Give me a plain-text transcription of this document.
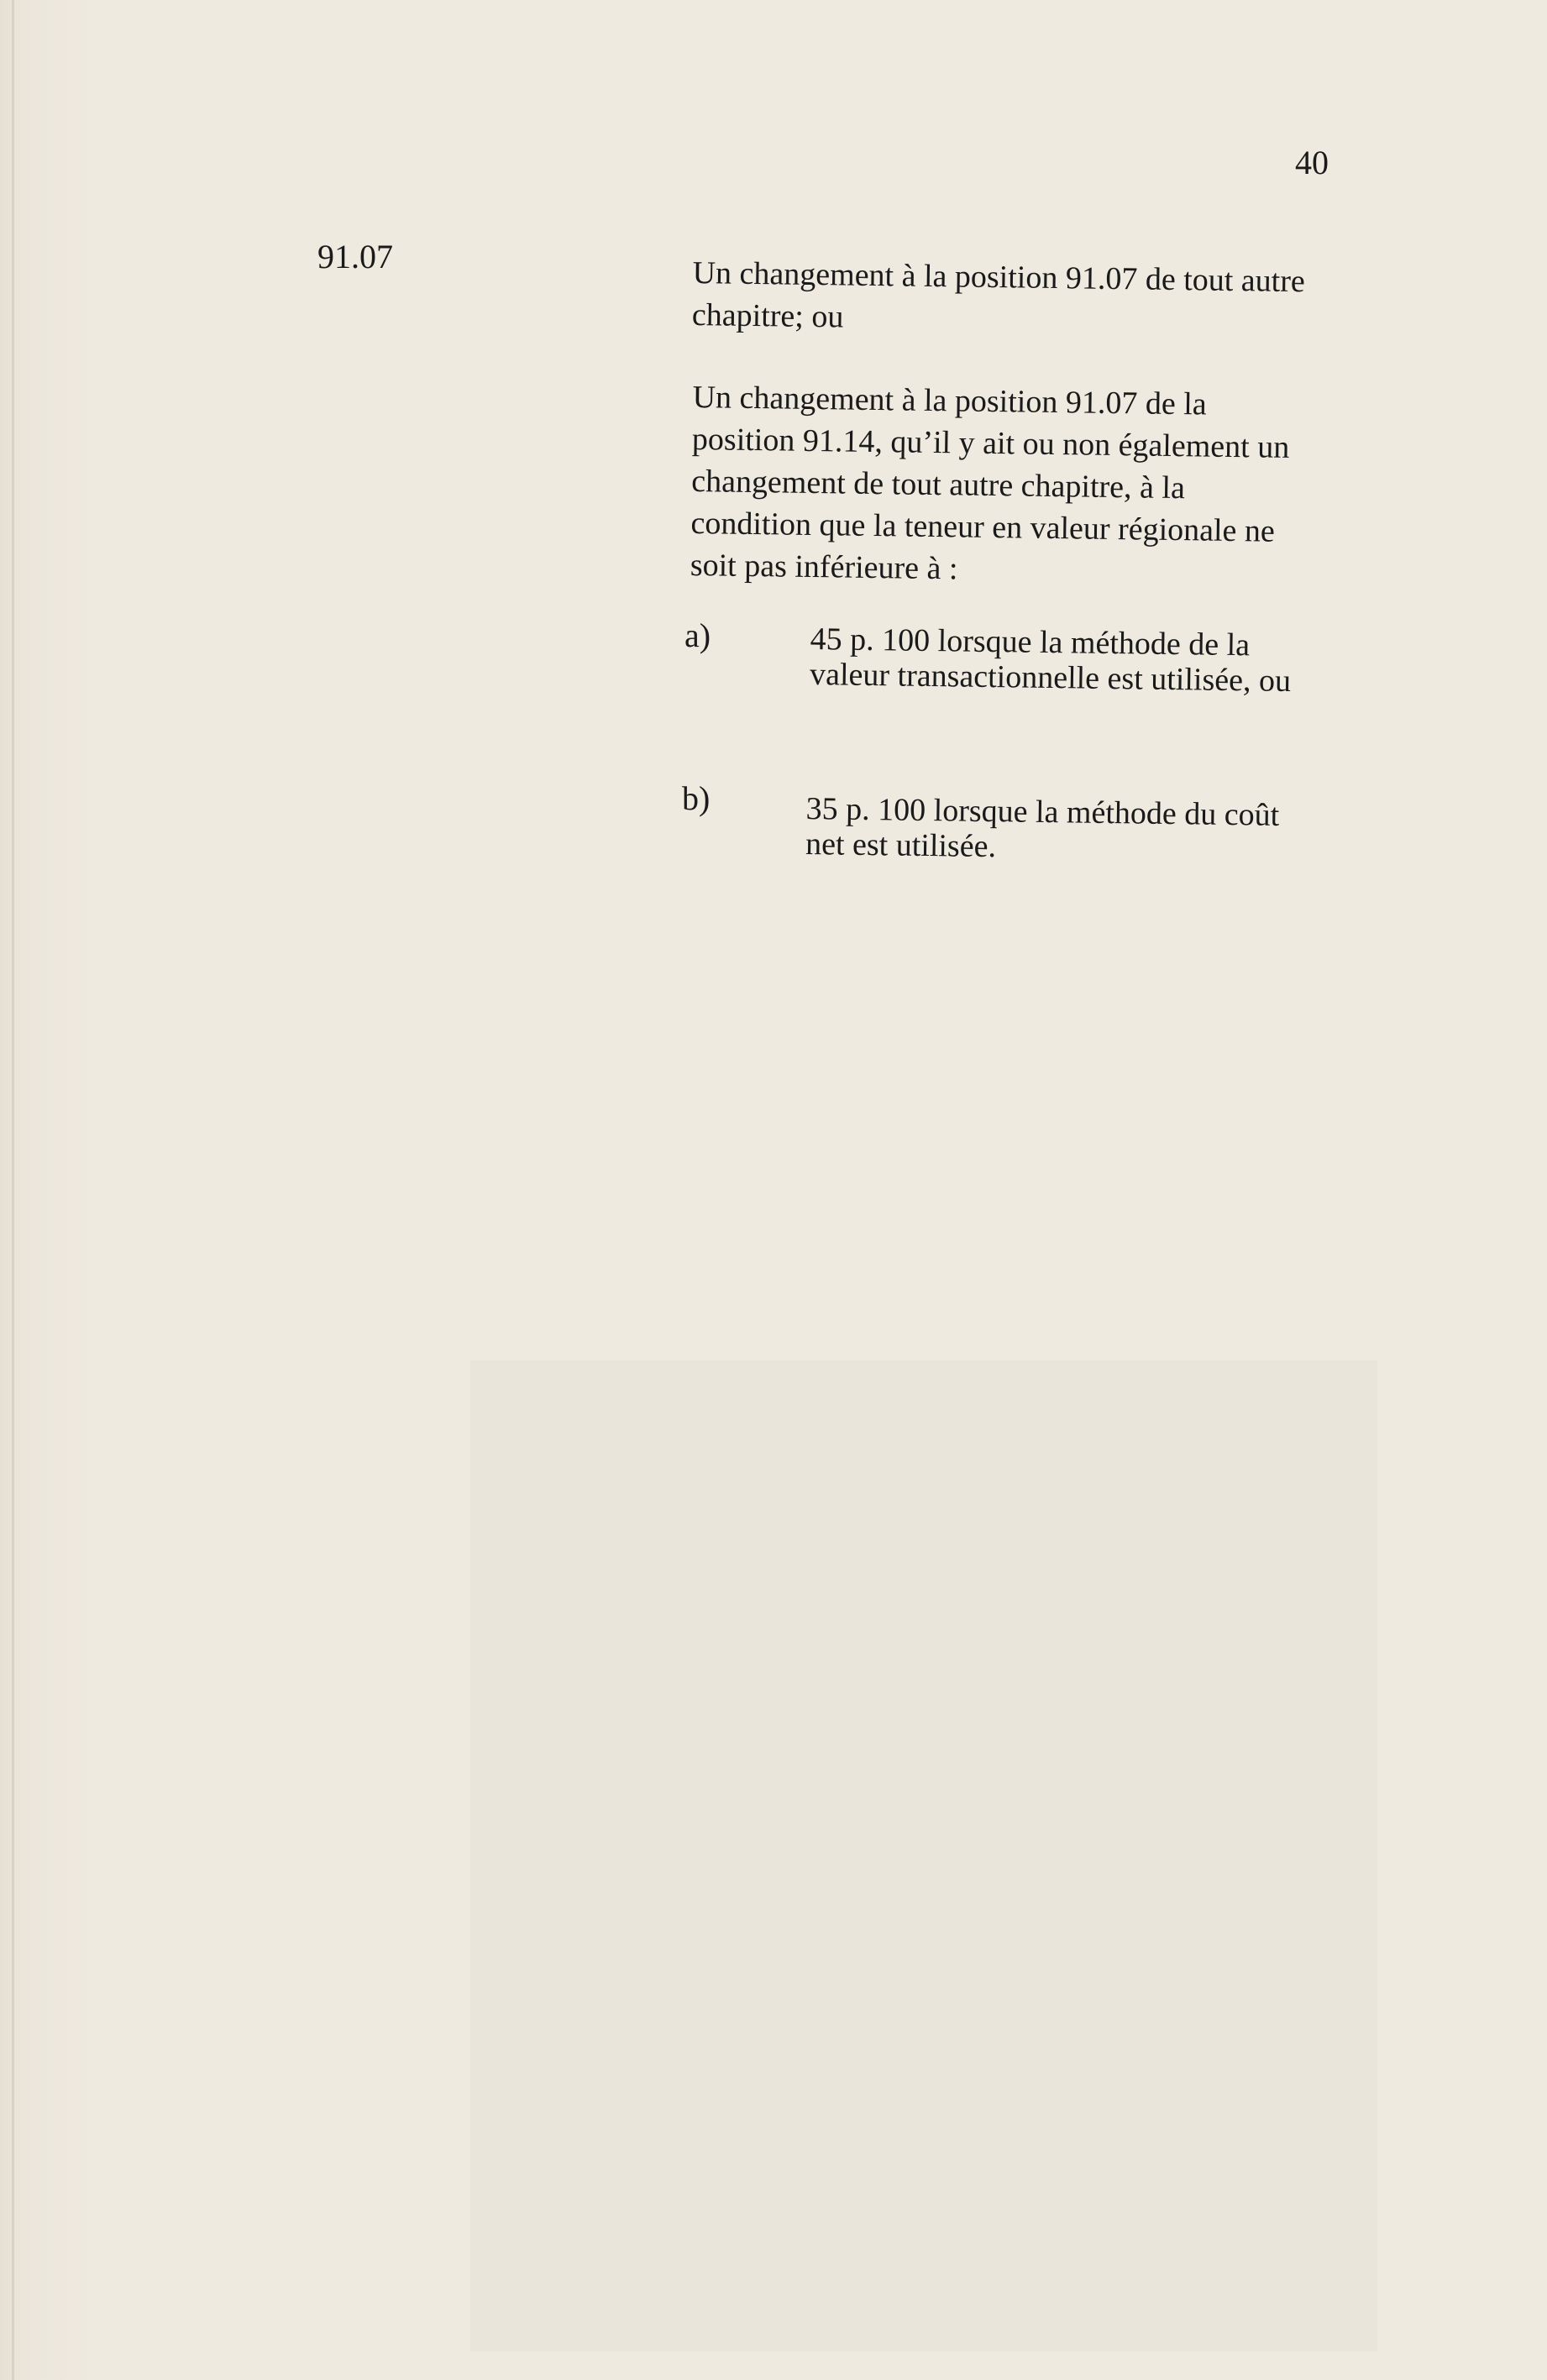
40
91.07	Un changement à la position 91.07 de tout autre chapitre; ou
Un changement à la position 91.07 de la position 91.14, qu’il y ait ou non également un changement de tout autre chapitre, à la condition que la teneur en valeur régionale ne soit pas inférieure à :
a)	45 p. 100 lorsque la méthode de la valeur transactionnelle est utilisée, ou
b)	35 p. 100 lorsque la méthode du coût net est utilisée.
